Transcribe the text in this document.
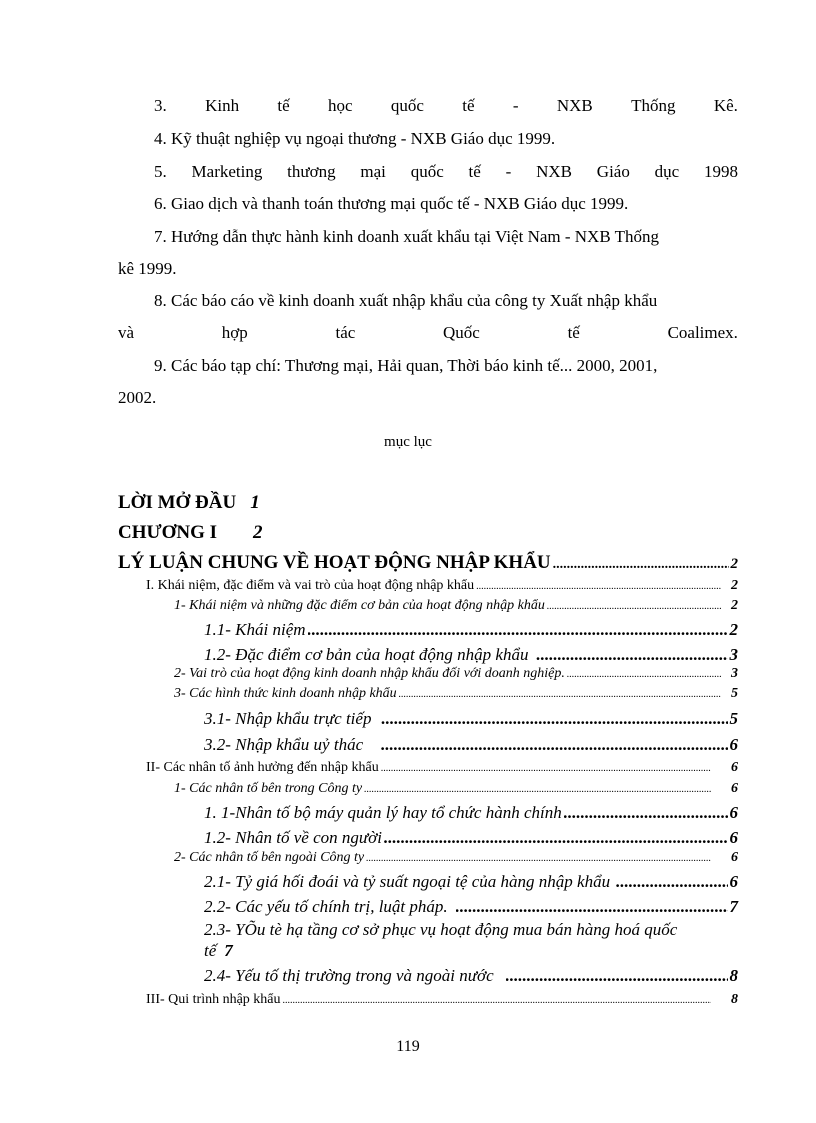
3. Kinh tế học quốc tế - NXB Thống Kê.
4. Kỹ thuật nghiệp vụ ngoại thương - NXB Giáo dục 1999.
5. Marketing thương mại quốc tế - NXB Giáo dục 1998
6. Giao dịch và thanh toán thương mại quốc tế - NXB Giáo dục 1999.
7. Hướng dẫn thực hành kinh doanh xuất khẩu tại Việt Nam - NXB Thống
kê 1999.
8. Các báo cáo về kinh doanh xuất nhập khẩu của công ty Xuất nhập khẩu
và	hợp	tác	Quốc	tế	Coalimex.
9. Các báo tạp chí: Thương mại, Hải quan, Thời báo kinh tế... 2000, 2001,
2002.
mục lục
LỜI MỞ ĐẦU 1
CHƯƠNG I 2
LÝ LUẬN CHUNG VỀ HOẠT ĐỘNG NHẬP KHẨU .....	2
I. Khái niệm, đặc điểm và vai trò của hoạt động nhập khẩu .....	2
1- Khái niệm và những đặc điểm cơ bản của hoạt động nhập khẩu .....	2
1.1- Khái niệm .....	2
1.2- Đặc điểm cơ bản của hoạt động nhập khẩu .....	3
2- Vai trò của hoạt động kinh doanh nhập khẩu đối với doanh nghiệp. .....	3
3- Các hình thức kinh doanh nhập khẩu .....	5
3.1- Nhập khẩu trực tiếp .....	5
3.2- Nhập khẩu uỷ thác .....	6
II- Các nhân tố ảnh hưởng đến nhập khẩu .....	6
1- Các nhân tố bên trong Công ty .....	6
1. 1-Nhân tố bộ máy quản lý hay tổ chức hành chính .....	6
1.2- Nhân tố về con người .....	6
2- Các nhân tố bên ngoài Công ty .....	6
2.1- Tỷ giá hối đoái và tỷ suất ngoại tệ của hàng nhập khẩu .....	6
2.2- Các yếu tố chính trị, luật pháp. .....	7
2.3- YÕu tè hạ tầng cơ sở phục vụ hoạt động mua bán hàng hoá quốc
tế 7
2.4- Yếu tố thị trường trong và ngoài nước .....	8
III- Qui trình nhập khẩu .....	8
119
